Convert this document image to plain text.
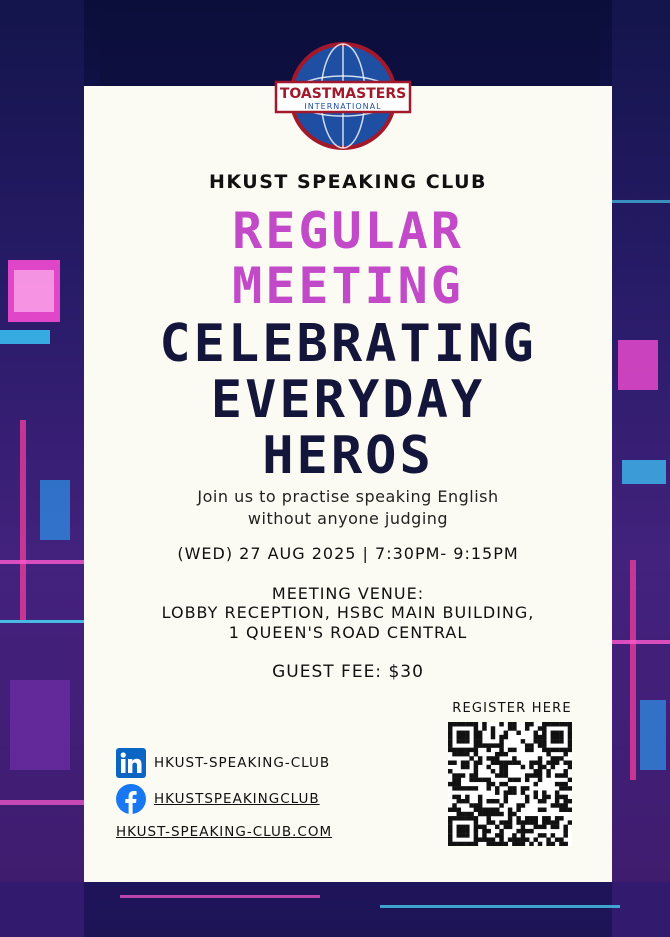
TOASTMASTERS
INTERNATIONAL

HKUST SPEAKING CLUB

REGULAR

MEETING

CELEBRATING

EVERYDAY

HEROS

Join us to practise speaking English

without anyone judging

(WED) 27 AUG 2025 | 7:30PM- 9:15PM

MEETING VENUE:

LOBBY RECEPTION, HSBC MAIN BUILDING,

1 QUEEN'S ROAD CENTRAL

GUEST FEE: $30

REGISTER HERE
HKUST-SPEAKING-CLUB
HKUSTSPEAKINGCLUB
HKUST-SPEAKING-CLUB.COM
